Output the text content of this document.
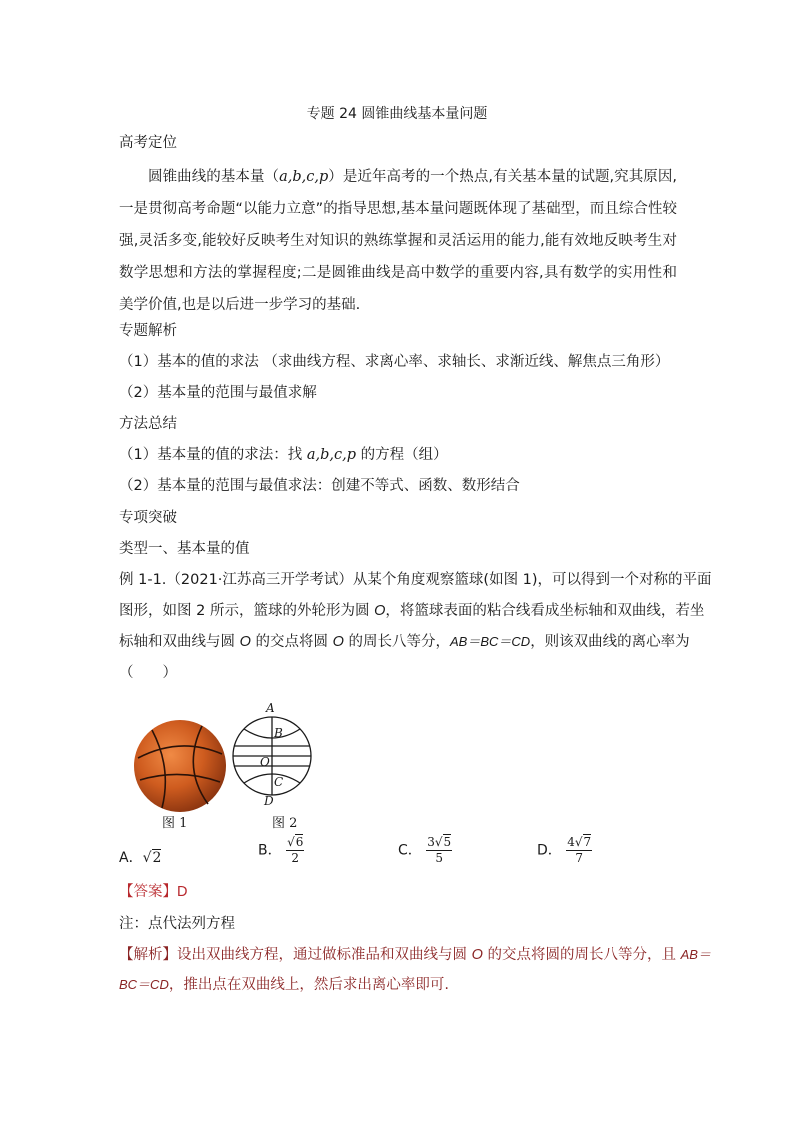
专题 24 圆锥曲线基本量问题
高考定位
圆锥曲线的基本量（a,b,c,p）是近年高考的一个热点,有关基本量的试题,究其原因,一是贯彻高考命题“以能力立意”的指导思想,基本量问题既体现了基础型，而且综合性较强,灵活多变,能较好反映考生对知识的熟练掌握和灵活运用的能力,能有效地反映考生对数学思想和方法的掌握程度;二是圆锥曲线是高中数学的重要内容,具有数学的实用性和美学价值,也是以后进一步学习的基础.
专题解析
（1）基本的值的求法 （求曲线方程、求离心率、求轴长、求渐近线、解焦点三角形）
（2）基本量的范围与最值求解
方法总结
（1）基本量的值的求法：找 a,b,c,p 的方程（组）
（2）基本量的范围与最值求法：创建不等式、函数、数形结合
专项突破
类型一、基本量的值
例 1-1.（2021·江苏高三开学考试）从某个角度观察篮球(如图 1)，可以得到一个对称的平面
图形，如图 2 所示，篮球的外轮形为圆 O，将篮球表面的粘合线看成坐标轴和双曲线，若坐
标轴和双曲线与圆 O 的交点将圆 O 的周长八等分，AB＝BC＝CD，则该双曲线的离心率为
（　　）
图 1
A
B
O
C
D
图 2
A．√2	B． $\frac{√6}{2}$	C． $\frac{3√5}{5}$	D． $\frac{4√7}{7}$
【答案】D
注：点代法列方程
【解析】设出双曲线方程，通过做标准品和双曲线与圆 O 的交点将圆的周长八等分，且 AB＝
BC＝CD，推出点在双曲线上，然后求出离心率即可.
